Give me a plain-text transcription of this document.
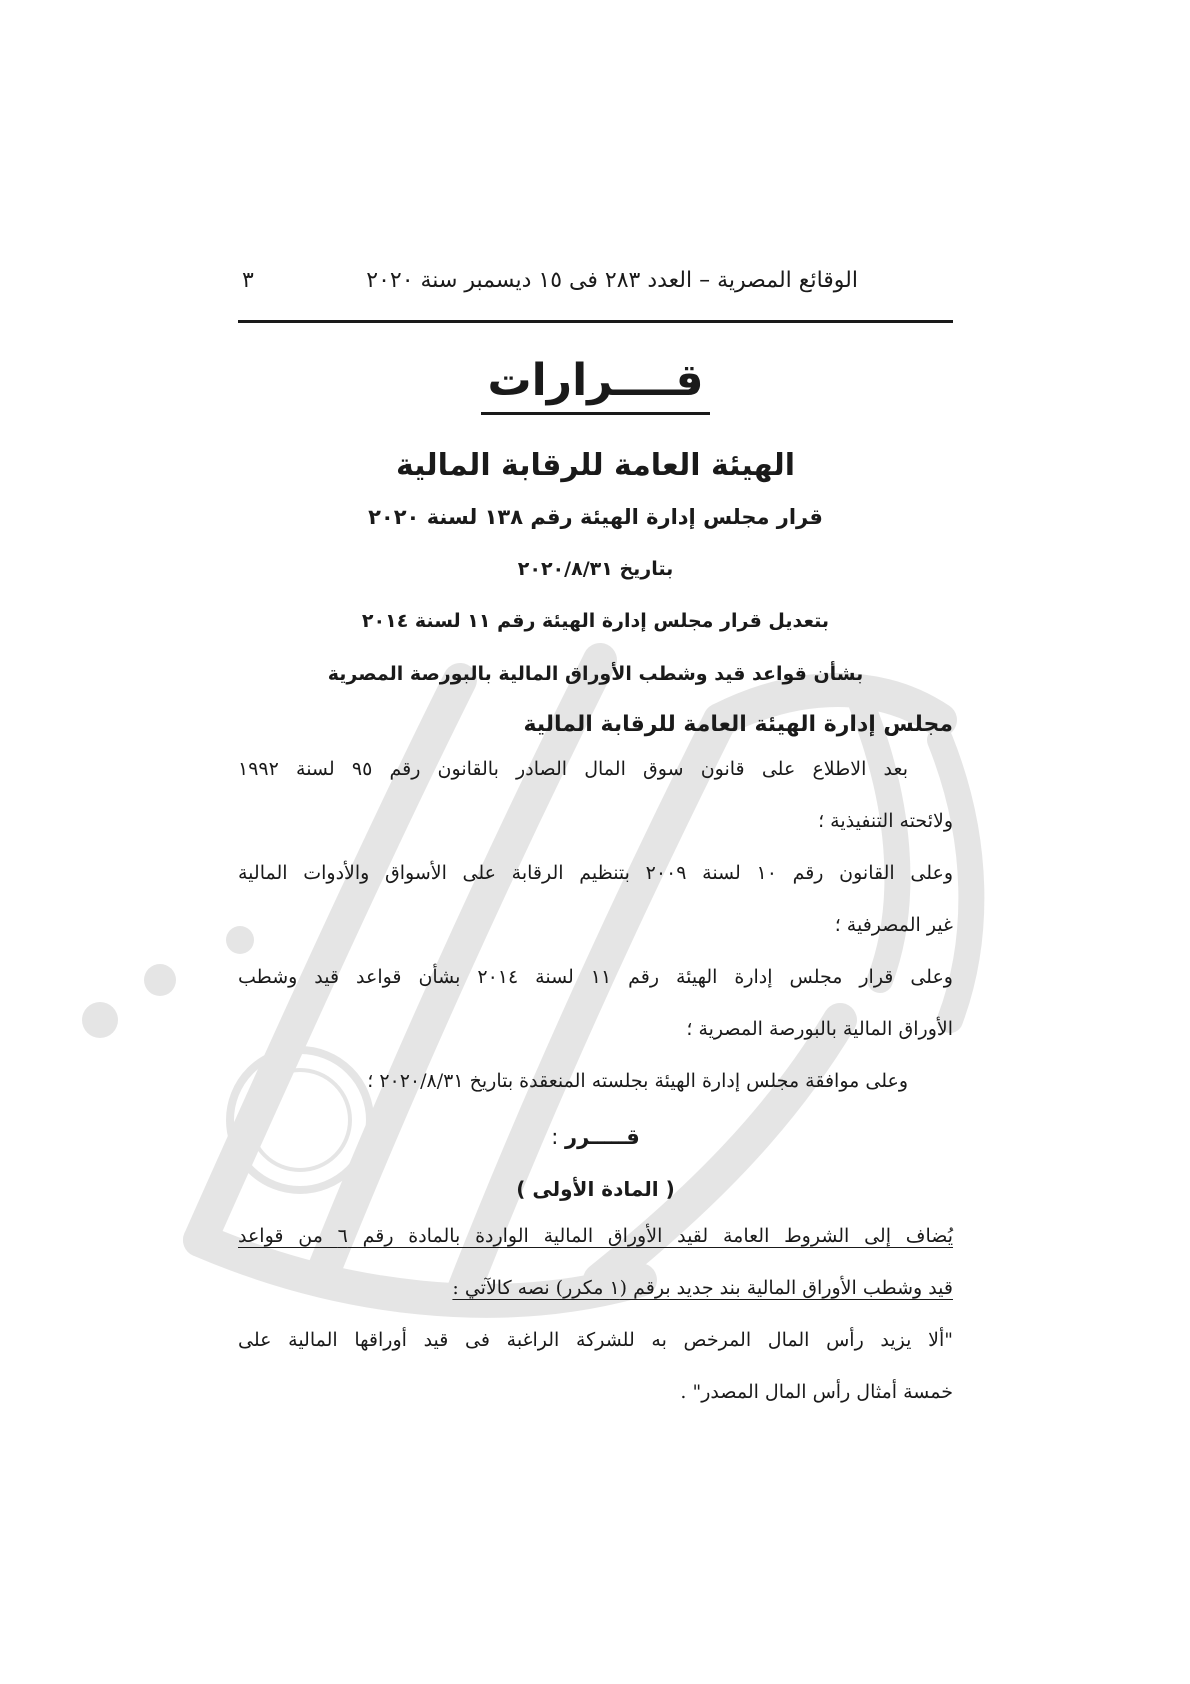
الوقائع المصرية – العدد ٢٨٣ فى ١٥ ديسمبر سنة ٢٠٢٠
٣
قــــرارات
الهيئة العامة للرقابة المالية
قرار مجلس إدارة الهيئة رقم ١٣٨ لسنة ٢٠٢٠
بتاريخ ٢٠٢٠/٨/٣١
بتعديل قرار مجلس إدارة الهيئة رقم ١١ لسنة ٢٠١٤
بشأن قواعد قيد وشطب الأوراق المالية بالبورصة المصرية
مجلس إدارة الهيئة العامة للرقابة المالية
بعد الاطلاع على قانون سوق المال الصادر بالقانون رقم ٩٥ لسنة ١٩٩٢
ولائحته التنفيذية ؛
وعلى القانون رقم ١٠ لسنة ٢٠٠٩ بتنظيم الرقابة على الأسواق والأدوات المالية
غير المصرفية ؛
وعلى قرار مجلس إدارة الهيئة رقم ١١ لسنة ٢٠١٤ بشأن قواعد قيد وشطب
الأوراق المالية بالبورصة المصرية ؛
وعلى موافقة مجلس إدارة الهيئة بجلسته المنعقدة بتاريخ ٢٠٢٠/٨/٣١ ؛
قـــــرر :
( المادة الأولى )
يُضاف إلى الشروط العامة لقيد الأوراق المالية الواردة بالمادة رقم ٦ من قواعد
قيد وشطب الأوراق المالية بند جديد برقم (١ مكرر) نصه كالآتي :
"ألا يزيد رأس المال المرخص به للشركة الراغبة فى قيد أوراقها المالية على
خمسة أمثال رأس المال المصدر" .
